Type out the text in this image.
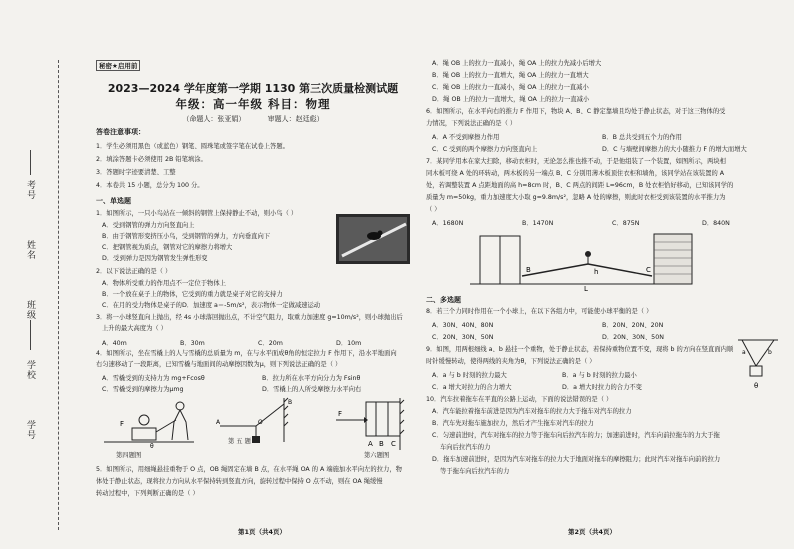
考号
姓名
班级
学校
学号
秘密★启用前
2023—2024 学年度第一学期 1130 第三次质量检测试题
年级：高一年级 科目：物理
（命题人：张亚娟）	审题人：赵廷彪）
答卷注意事项：
1．学生必须用黑色（或蓝色）钢笔、圆珠笔或签字笔在试卷上答题。
2．填涂答题卡必须使用 2B 铅笔填涂。
3．答题时字迹要清楚、工整
4．本卷共 15 小题，总分为 100 分。
一、单选题
1．如图所示，一只小鸟站在一倾斜的钢管上保持静止不动，则小鸟（ ）
A．受到钢管的弹力方向竖直向上
B．由于钢管形变挤压小鸟，受到钢管的弹力，方向垂直向下
C．把钢管视为质点，钢管对它的摩擦力将增大
D．受到弹力是因为钢管发生弹性形变
2．以下说法正确的是（ ）
A．物体所受重力的作用点不一定位于物体上
B．一个放在桌子上的物体，它受到的重力就是桌子对它的支持力
C．在月的受力物体是桌子的D．加速度 a＝-5m/s²，表示物体一定做减速运动
3．将一小球竖直向上抛出，经 4s 小球落回抛出点，不计空气阻力，取重力加速度 g=10m/s²，则小球抛出后
上升的最大高度为（ ）
A．40m	B．30m	C．20m	D．10m
4．如图所示，坐在雪橇上的人与雪橇的总质量为 m，在与水平面成θ角的恒定拉力 F 作用下，沿水平地面向
右匀速移动了一段距离，已知雪橇与地面间的动摩擦因数为μ，则下列说法正确的是（ ）
A．雪橇受到的支持力为 mg+Fcosθ	B．拉力所在水平方向分力为 Fsinθ
C．雪橇受到的摩擦力为μmg	D．雪橇上的人所受摩擦力水平向右
F
θ
第四题图
B
A	O
第 五 题
F
A B C
第六题图
5．如图所示，用细绳悬挂重物于 O 点，OB 绳固定在墙 B 点，在水平绳 OA 的 A 端施加水平向左的拉力，物
体处于静止状态，现将拉力方向从水平保持转到竖直方向，旋转过程中保持 O 点不动，则在 OA 绳缓慢
转动过程中，下列判断正确的是（ ）
第1页（共4页）
A．绳 OB 上的拉力一直减小，绳 OA 上的拉力先减小后增大
B．绳 OB 上的拉力一直增大，绳 OA 上的拉力一直增大
C．绳 OB 上的拉力一直减小，绳 OA 上的拉力一直减小
D．绳 OB 上的拉力一直增大，绳 OA 上的拉力一直减小
6．如图所示，在水平向右的推力 F 作用下，物块 A、B、C 静定靠墙且均处于静止状态，对于这三物体的受
力情况，下列说法正确的是（ ）
A．A 不受到摩擦力作用	B．B 总共受到五个力的作用
C．C 受到的两个摩擦力方向竖直向上	D．C 与墙壁间摩擦力的大小随推力 F 的增大而增大
7．某同学用本在家大扫除，移动衣柜时，无论怎么推也推不动，于是他组装了一个装置，如图所示，两块相
同木板可绕 A 处的环转动，两木板的另一端点 B、C 分别用薄木板顶住衣柜和墙角，该同学站在该装置的 A
处，若调整装置 A 点距地面的高 h=8cm 时，B、C 两点的间距 L=96cm，B 处衣柜恰好移动，已知该同学的
质量为 m=50kg，重力加速度大小取 g=9.8m/s²，忽略 A 处的摩擦，则此时衣柜受到该装置的水平推力为
（ ）
A．1680N	B．1470N	C．875N	D．840N
B	C
h
L
二、多选题
8．若三个力同时作用在一个小球上，在以下各组力中，可能使小球平衡的是（ ）
A．30N、40N、80N	B．20N、20N、20N
C．20N、30N、50N	D．20N、30N、50N
9．如图，用两根细线 a、b 悬挂一个重物，处于静止状态，若保持重物位置不变，现将 b 的方向在竖直面内顺
时针缓慢转动，使得两线的夹角为θ，下列说法正确的是（ ）
A．a 与 b 时刻的拉力最大	B．a 与 b 时刻的拉力最小
C．a 增大对拉力的合力增大	D．a 增大时拉力的合力不变
a	b
θ
10．汽车拉着拖车在平直的公路上运动，下面的说法错误的是（ ）
A．汽车能拉着拖车前进是因为汽车对拖车的拉力大于拖车对汽车的拉力
B．汽车先对拖车施加拉力，然后才产生拖车对汽车的拉力
C．匀速前进时，汽车对拖车的拉力等于拖车向后拉汽车的力；加速前进时，汽车向前拉拖车的力大于拖
车向后拉汽车的力
D．拖车加速前进时，是因为汽车对拖车的拉力大于地面对拖车的摩擦阻力；此时汽车对拖车向前的拉力
等于拖车向后拉汽车的力
第2页（共4页）
